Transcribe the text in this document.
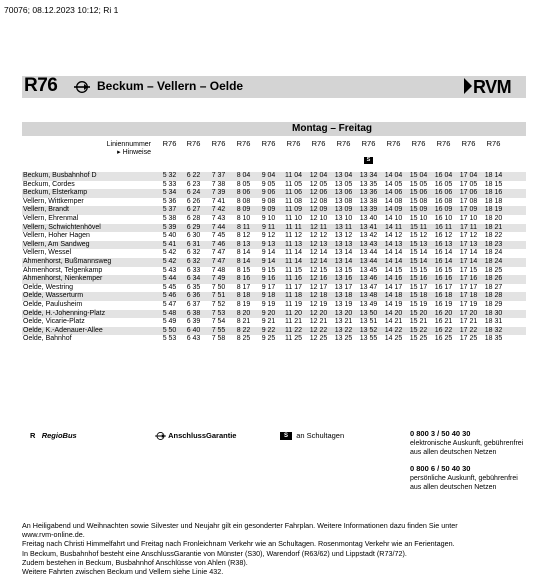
70076; 08.12.2023 10:12; Ri 1
R76	Beckum – Vellern – Oelde	RVM
Montag – Freitag
Liniennummer
▸ Hinweise
R76	R76	R76	R76	R76	R76	R76	R76	R76
S
R76	R76	R76	R76	R76
Beckum, Busbahnhof D	5 32	6 22	7 37	8 04	9 04	11 04	12 04	13 04	13 34	14 04	15 04	16 04	17 04	18 14
Beckum, Cordes	5 33	6 23	7 38	8 05	9 05	11 05	12 05	13 05	13 35	14 05	15 05	16 05	17 05	18 15
Beckum, Elsterkamp	5 34	6 24	7 39	8 06	9 06	11 06	12 06	13 06	13 36	14 06	15 06	16 06	17 06	18 16
Vellern, Wittkemper	5 36	6 26	7 41	8 08	9 08	11 08	12 08	13 08	13 38	14 08	15 08	16 08	17 08	18 18
Vellern, Brandt	5 37	6 27	7 42	8 09	9 09	11 09	12 09	13 09	13 39	14 09	15 09	16 09	17 09	18 19
Vellern, Ehrenmal	5 38	6 28	7 43	8 10	9 10	11 10	12 10	13 10	13 40	14 10	15 10	16 10	17 10	18 20
Vellern, Schwichtenhövel	5 39	6 29	7 44	8 11	9 11	11 11	12 11	13 11	13 41	14 11	15 11	16 11	17 11	18 21
Vellern, Hoher Hagen	5 40	6 30	7 45	8 12	9 12	11 12	12 12	13 12	13 42	14 12	15 12	16 12	17 12	18 22
Vellern, Am Sandweg	5 41	6 31	7 46	8 13	9 13	11 13	12 13	13 13	13 43	14 13	15 13	16 13	17 13	18 23
Vellern, Wessel	5 42	6 32	7 47	8 14	9 14	11 14	12 14	13 14	13 44	14 14	15 14	16 14	17 14	18 24
Ahmenhorst, Bußmannsweg	5 42	6 32	7 47	8 14	9 14	11 14	12 14	13 14	13 44	14 14	15 14	16 14	17 14	18 24
Ahmenhorst, Telgenkamp	5 43	6 33	7 48	8 15	9 15	11 15	12 15	13 15	13 45	14 15	15 15	16 15	17 15	18 25
Ahmenhorst, Nienkemper	5 44	6 34	7 49	8 16	9 16	11 16	12 16	13 16	13 46	14 16	15 16	16 16	17 16	18 26
Oelde, Westring	5 45	6 35	7 50	8 17	9 17	11 17	12 17	13 17	13 47	14 17	15 17	16 17	17 17	18 27
Oelde, Wasserturm	5 46	6 36	7 51	8 18	9 18	11 18	12 18	13 18	13 48	14 18	15 18	16 18	17 18	18 28
Oelde, Paulusheim	5 47	6 37	7 52	8 19	9 19	11 19	12 19	13 19	13 49	14 19	15 19	16 19	17 19	18 29
Oelde, H.-Johenning-Platz	5 48	6 38	7 53	8 20	9 20	11 20	12 20	13 20	13 50	14 20	15 20	16 20	17 20	18 30
Oelde, Vicarie-Platz	5 49	6 39	7 54	8 21	9 21	11 21	12 21	13 21	13 51	14 21	15 21	16 21	17 21	18 31
Oelde, K.-Adenauer-Allee	5 50	6 40	7 55	8 22	9 22	11 22	12 22	13 22	13 52	14 22	15 22	16 22	17 22	18 32
Oelde, Bahnhof	5 53	6 43	7 58	8 25	9 25	11 25	12 25	13 25	13 55	14 25	15 25	16 25	17 25	18 35
R RegioBus	AnschlussGarantie	S an Schultagen	0 800 3 / 50 40 30
elektronische Auskunft, gebührenfrei
aus allen deutschen Netzen
0 800 6 / 50 40 30
persönliche Auskunft, gebührenfrei
aus allen deutschen Netzen
An Heiligabend und Weihnachten sowie Silvester und Neujahr gilt ein gesonderter Fahrplan. Weitere Informationen dazu finden Sie unter
www.rvm-online.de.
Freitag nach Christi Himmelfahrt und Freitag nach Fronleichnam Verkehr wie an Schultagen. Rosenmontag Verkehr wie an Ferientagen.
In Beckum, Busbahnhof besteht eine AnschlussGarantie von Münster (S30), Warendorf (R63/62) und Lippstadt (R73/72).
Zudem bestehen in Beckum, Busbahnhof Anschlüsse von Ahlen (R38).
Weitere Fahrten zwischen Beckum und Vellern siehe Linie 432.
